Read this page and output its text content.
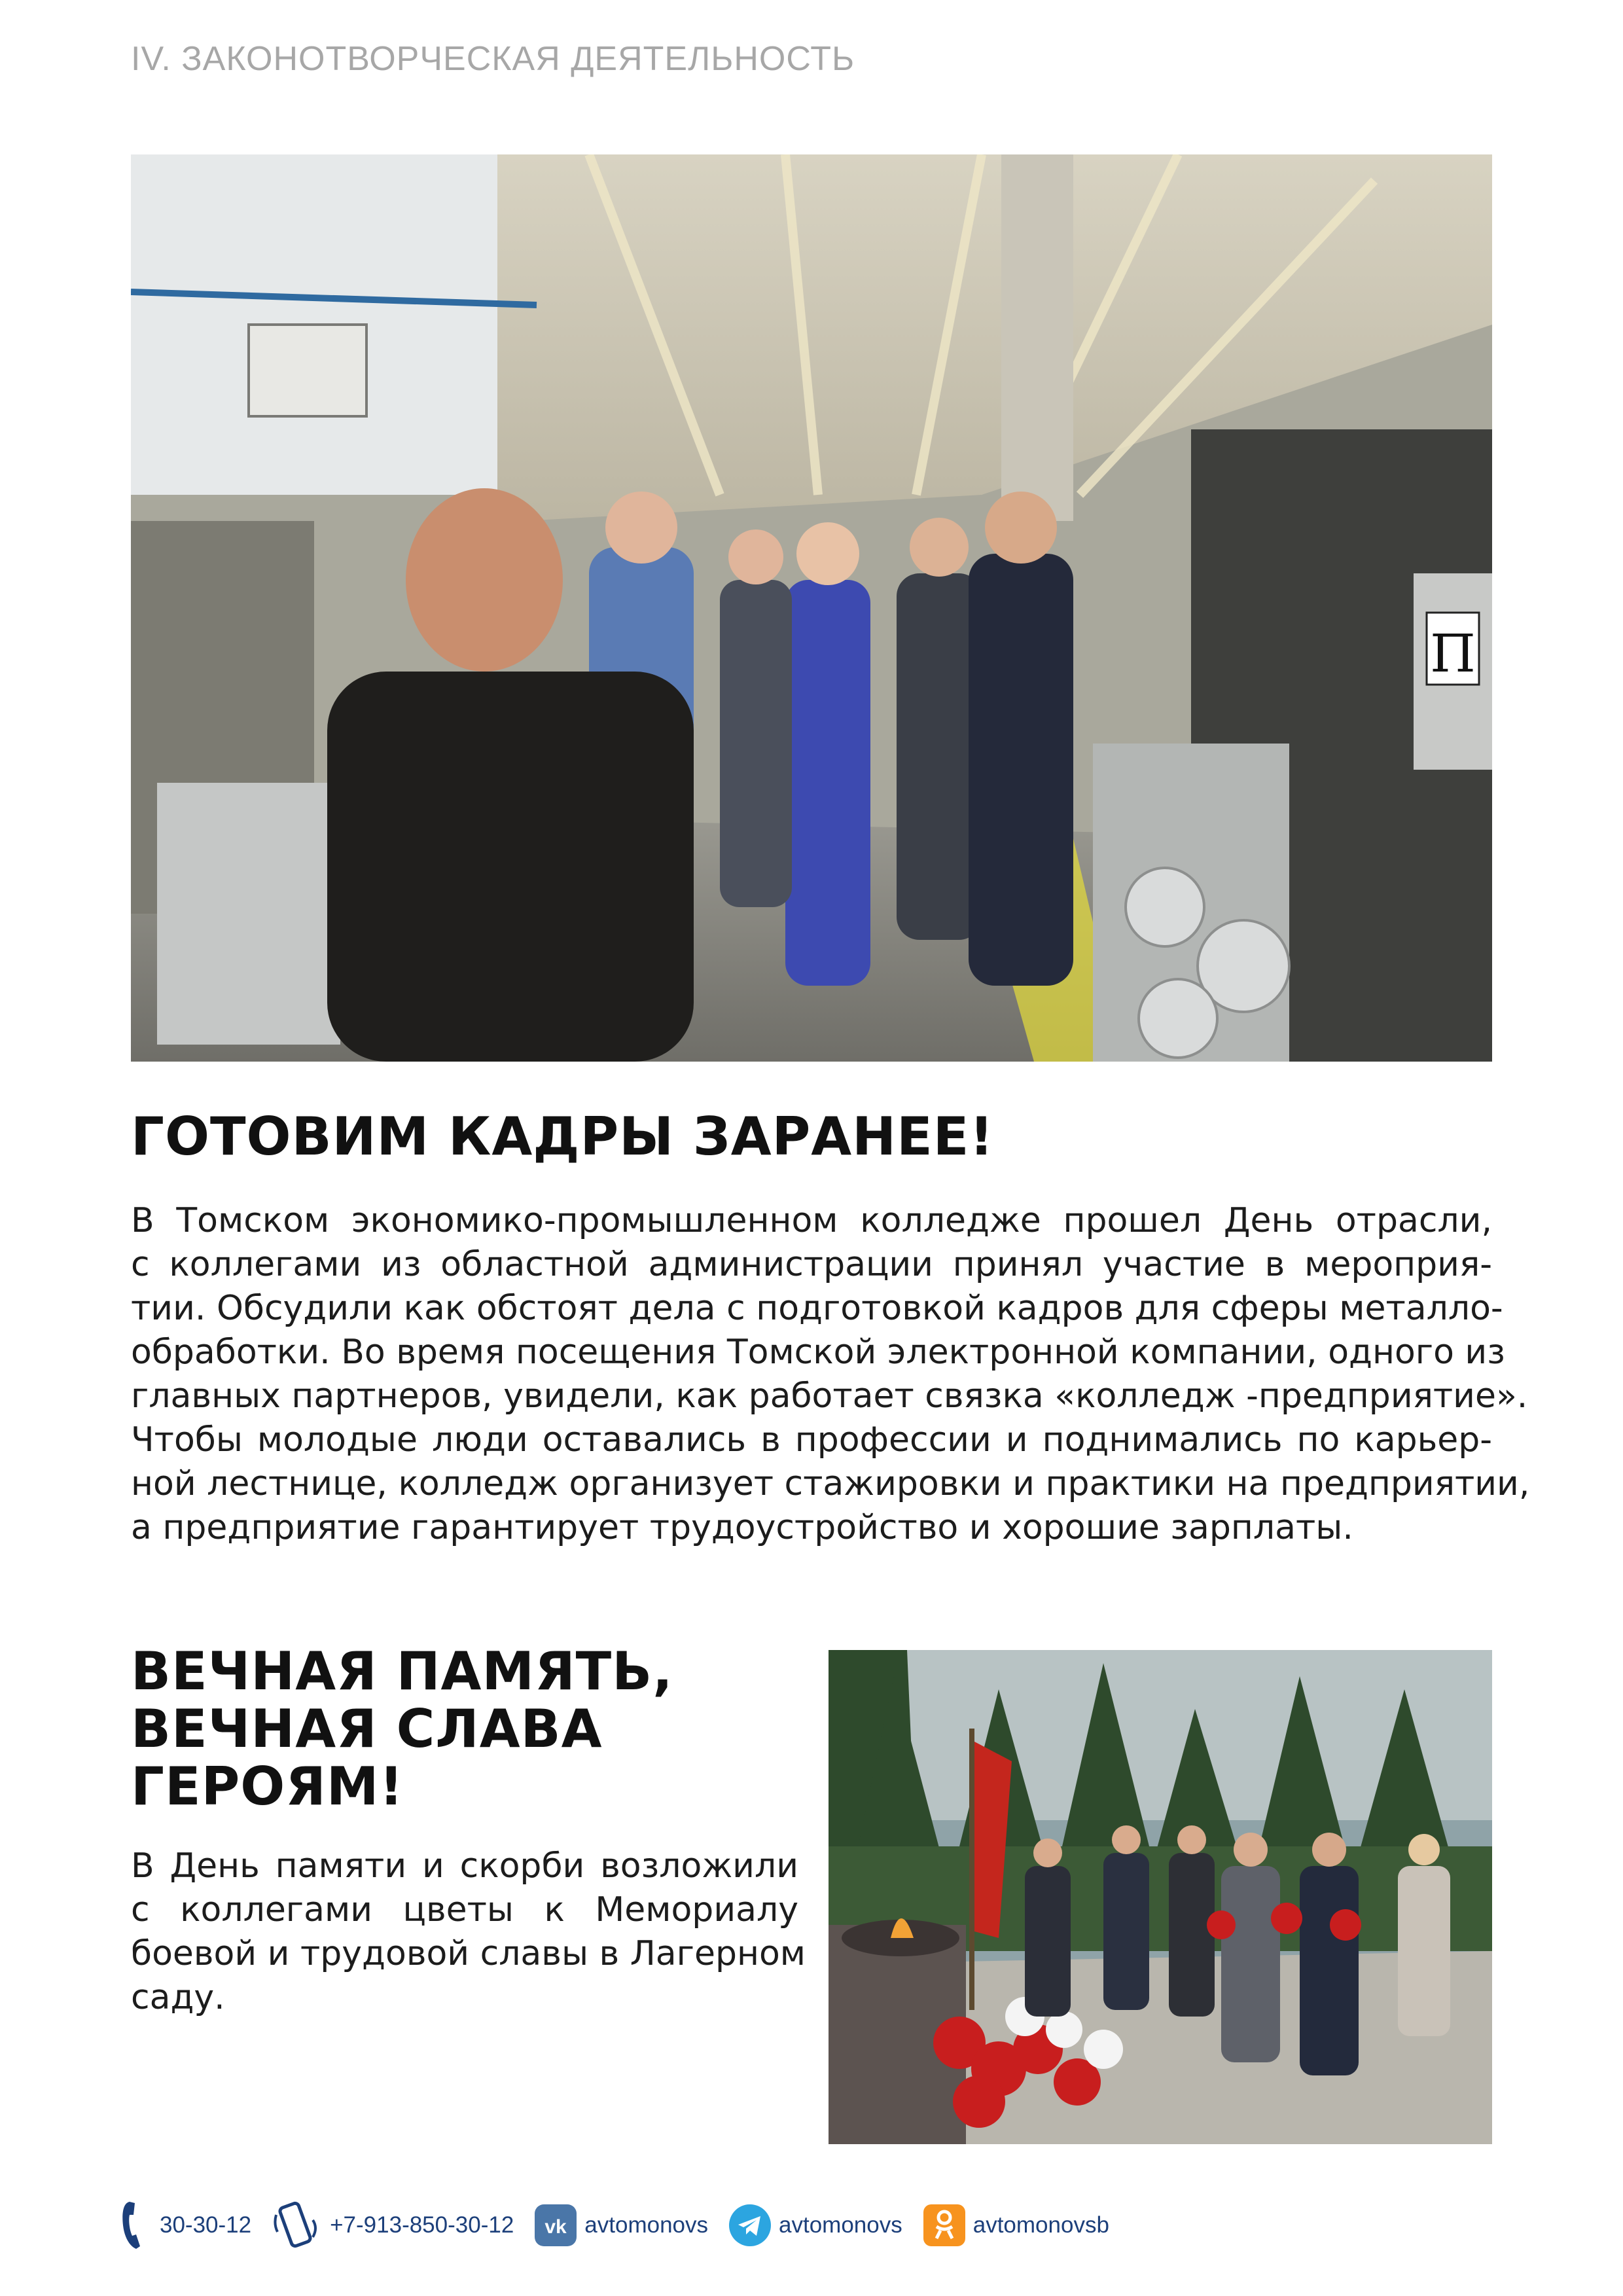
IV. ЗАКОНОТВОРЧЕСКАЯ ДЕЯТЕЛЬНОСТЬ
П
ГОТОВИМ КАДРЫ ЗАРАНЕЕ!

В Томском экономико-промышленном колледже прошел День отрасли,
с коллегами из областной администрации принял участие в мероприя-
тии. Обсудили как обстоят дела с подготовкой кадров для сферы металло-
обработки. Во время посещения Томской электронной компании, одного из
главных партнеров, увидели, как работает связка «колледж -предприятие».
Чтобы молодые люди оставались в профессии и поднимались по карьер-
ной лестнице, колледж организует стажировки и практики на предприятии,
а предприятие гарантирует трудоустройство и хорошие зарплаты.

ВЕЧНАЯ ПАМЯТЬ,
ВЕЧНАЯ СЛАВА
ГЕРОЯМ!

В День памяти и скорби возложили
с коллегами цветы к Мемориалу
боевой и трудовой славы в Лагерном
саду.

30-30-12	+7-913-850-30-12 vk avtomonovs	avtomonovs	avtomonovsb
